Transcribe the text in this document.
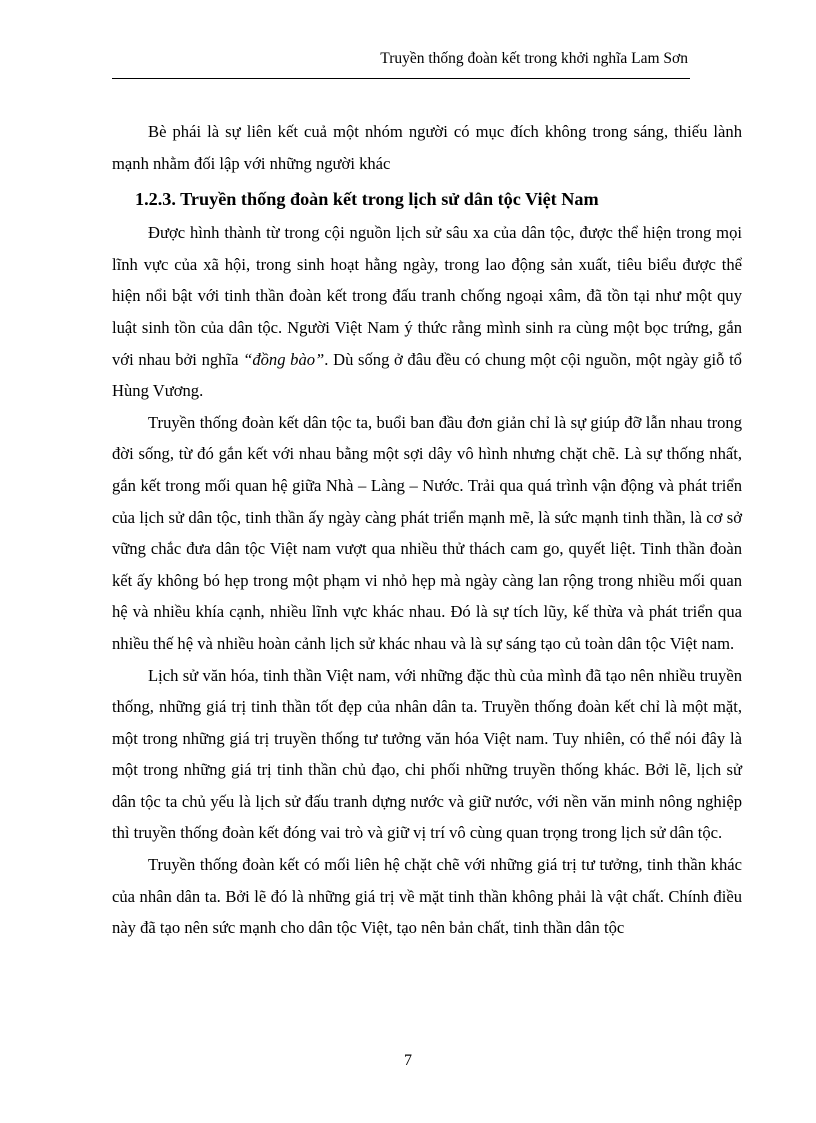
Truyền thống đoàn kết trong khởi nghĩa Lam Sơn

Bè phái là sự liên kết cuả một nhóm người có mục đích không trong sáng, thiếu lành mạnh nhằm đối lập với những người khác

1.2.3. Truyền thống đoàn kết trong lịch sử dân tộc Việt Nam

Được hình thành từ trong cội nguồn lịch sử sâu xa của dân tộc, được thể hiện trong mọi lĩnh vực của xã hội, trong sinh hoạt hằng ngày, trong lao động sản xuất, tiêu biểu được thể hiện nổi bật với tinh thần đoàn kết trong đấu tranh chống ngoại xâm, đã tồn tại như một quy luật sinh tồn của dân tộc. Người Việt Nam ý thức rằng mình sinh ra cùng một bọc trứng, gắn với nhau bởi nghĩa “đồng bào”. Dù sống ở đâu đều có chung một cội nguồn, một ngày giỗ tổ Hùng Vương.

Truyền thống đoàn kết dân tộc ta, buổi ban đầu đơn giản chỉ là sự giúp đỡ lẫn nhau trong đời sống, từ đó gắn kết với nhau bằng một sợi dây vô hình nhưng chặt chẽ. Là sự thống nhất, gắn kết trong mối quan hệ giữa Nhà – Làng – Nước. Trải qua quá trình vận động và phát triển của lịch sử dân tộc, tinh thần ấy ngày càng phát triển mạnh mẽ, là sức mạnh tinh thần, là cơ sở vững chắc đưa dân tộc Việt nam vượt qua nhiều thử thách cam go, quyết liệt. Tinh thần đoàn kết ấy không bó hẹp trong một phạm vi nhỏ hẹp mà ngày càng lan rộng trong nhiều mối quan hệ và nhiều khía cạnh, nhiều lĩnh vực khác nhau. Đó là sự tích lũy, kế thừa và phát triển qua nhiều thế hệ và nhiều hoàn cảnh lịch sử khác nhau và là sự sáng tạo củ toàn dân tộc Việt nam.

Lịch sử văn hóa, tinh thần Việt nam, với những đặc thù của mình đã tạo nên nhiều truyền thống, những giá trị tinh thần tốt đẹp của nhân dân ta. Truyền thống đoàn kết chỉ là một mặt, một trong những giá trị truyền thống tư tưởng văn hóa Việt nam. Tuy nhiên, có thể nói đây là một trong những giá trị tinh thần chủ đạo, chi phối những truyền thống khác. Bởi lẽ, lịch sử dân tộc ta chủ yếu là lịch sử đấu tranh dựng nước và giữ nước, với nền văn minh nông nghiệp thì truyền thống đoàn kết đóng vai trò và giữ vị trí vô cùng quan trọng trong lịch sử dân tộc.

Truyền thống đoàn kết có mối liên hệ chặt chẽ với những giá trị tư tưởng, tinh thần khác của nhân dân ta. Bởi lẽ đó là những giá trị về mặt tinh thần không phải là vật chất. Chính điều này đã tạo nên sức mạnh cho dân tộc Việt, tạo nên bản chất, tinh thần dân tộc

7
